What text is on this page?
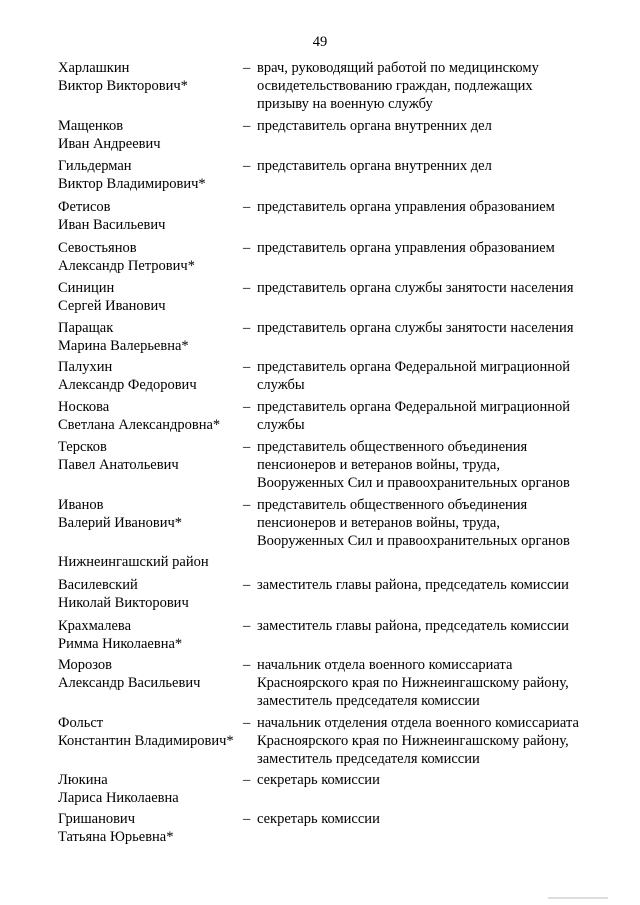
49
Харлашкин
Виктор Викторович*
– врач, руководящий работой по медицинскому
освидетельствованию граждан, подлежащих
призыву на военную службу
Мащенков
Иван Андреевич
– представитель органа внутренних дел
Гильдерман
Виктор Владимирович*
– представитель органа внутренних дел
Фетисов
Иван Васильевич
– представитель органа управления образованием
Севостьянов
Александр Петрович*
– представитель органа управления образованием
Синицин
Сергей Иванович
– представитель органа службы занятости населения
Паращак
Марина Валерьевна*
– представитель органа службы занятости населения
Палухин
Александр Федорович
– представитель органа Федеральной миграционной
службы
Носкова
Светлана Александровна*
– представитель органа Федеральной миграционной
службы
Терсков
Павел Анатольевич
– представитель общественного объединения
пенсионеров и ветеранов войны, труда,
Вооруженных Сил и правоохранительных органов
Иванов
Валерий Иванович*
– представитель общественного объединения
пенсионеров и ветеранов войны, труда,
Вооруженных Сил и правоохранительных органов
Нижнеингашский район
Василевский
Николай Викторович
– заместитель главы района, председатель комиссии
Крахмалева
Римма Николаевна*
– заместитель главы района, председатель комиссии
Морозов
Александр Васильевич
– начальник отдела военного комиссариата
Красноярского края по Нижнеингашскому району,
заместитель председателя комиссии
Фольст
Константин Владимирович*
– начальник отделения отдела военного комиссариата
Красноярского края по Нижнеингашскому району,
заместитель председателя комиссии
Люкина
Лариса Николаевна
– секретарь комиссии
Гришанович
Татьяна Юрьевна*
– секретарь комиссии
